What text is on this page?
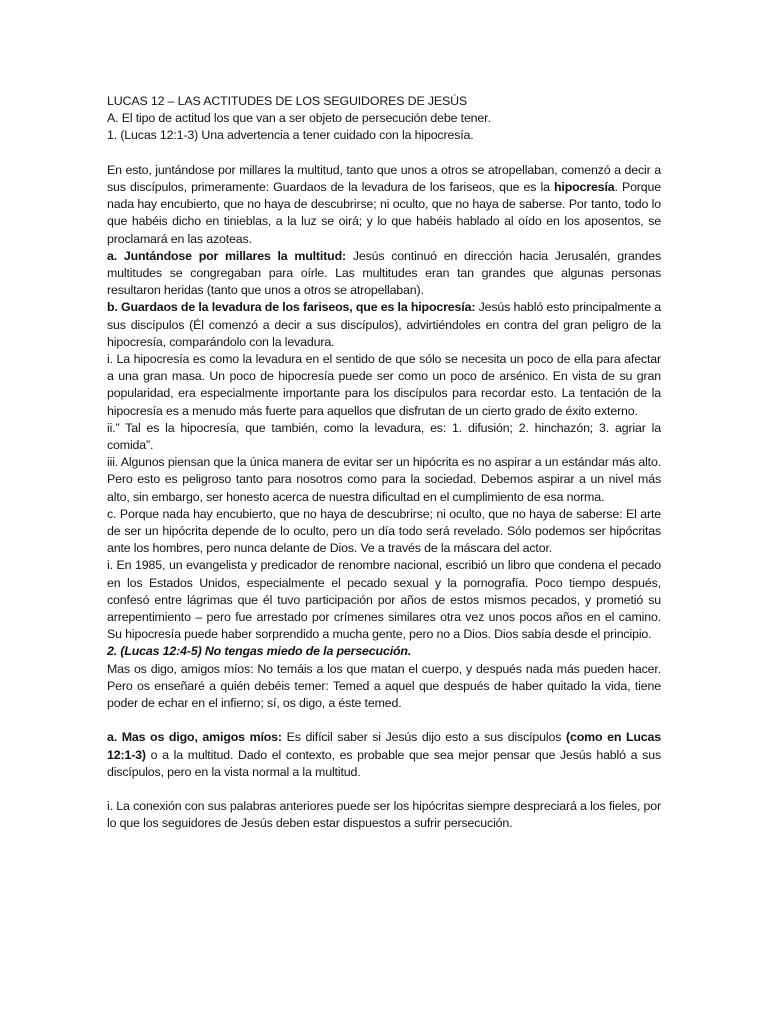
LUCAS 12 – LAS ACTITUDES DE LOS SEGUIDORES DE JESÚS

A. El tipo de actitud los que van a ser objeto de persecución debe tener.

1. (Lucas 12:1-3) Una advertencia a tener cuidado con la hipocresía.

En esto, juntándose por millares la multitud, tanto que unos a otros se atropellaban, comenzó a decir a sus discípulos, primeramente: Guardaos de la levadura de los fariseos, que es la hipocresía. Porque nada hay encubierto, que no haya de descubrirse; ni oculto, que no haya de saberse. Por tanto, todo lo que habéis dicho en tinieblas, a la luz se oirá; y lo que habéis hablado al oído en los aposentos, se proclamará en las azoteas.

a. Juntándose por millares la multitud: Jesús continuó en dirección hacia Jerusalén, grandes multitudes se congregaban para oírle. Las multitudes eran tan grandes que algunas personas resultaron heridas (tanto que unos a otros se atropellaban).

b. Guardaos de la levadura de los fariseos, que es la hipocresía: Jesús habló esto principalmente a sus discípulos (Él comenzó a decir a sus discípulos), advirtiéndoles en contra del gran peligro de la hipocresía, comparándolo con la levadura.

i. La hipocresía es como la levadura en el sentido de que sólo se necesita un poco de ella para afectar a una gran masa. Un poco de hipocresía puede ser como un poco de arsénico. En vista de su gran popularidad, era especialmente importante para los discípulos para recordar esto. La tentación de la hipocresía es a menudo más fuerte para aquellos que disfrutan de un cierto grado de éxito externo.

ii.” Tal es la hipocresía, que también, como la levadura, es: 1. difusión; 2. hinchazón; 3. agriar la comida”.

iii. Algunos piensan que la única manera de evitar ser un hipócrita es no aspirar a un estándar más alto. Pero esto es peligroso tanto para nosotros como para la sociedad. Debemos aspirar a un nivel más alto, sin embargo, ser honesto acerca de nuestra dificultad en el cumplimiento de esa norma.

c. Porque nada hay encubierto, que no haya de descubrirse; ni oculto, que no haya de saberse: El arte de ser un hipócrita depende de lo oculto, pero un día todo será revelado. Sólo podemos ser hipócritas ante los hombres, pero nunca delante de Dios. Ve a través de la máscara del actor.

i. En 1985, un evangelista y predicador de renombre nacional, escribió un libro que condena el pecado en los Estados Unidos, especialmente el pecado sexual y la pornografía. Poco tiempo después, confesó entre lágrimas que él tuvo participación por años de estos mismos pecados, y prometió su arrepentimiento – pero fue arrestado por crímenes similares otra vez unos pocos años en el camino. Su hipocresía puede haber sorprendido a mucha gente, pero no a Dios. Dios sabía desde el principio.

2. (Lucas 12:4-5) No tengas miedo de la persecución.

Mas os digo, amigos míos: No temáis a los que matan el cuerpo, y después nada más pueden hacer. Pero os enseñaré a quién debéis temer: Temed a aquel que después de haber quitado la vida, tiene poder de echar en el infierno; sí, os digo, a éste temed.

a. Mas os digo, amigos míos: Es difícil saber si Jesús dijo esto a sus discípulos (como en Lucas 12:1-3) o a la multitud. Dado el contexto, es probable que sea mejor pensar que Jesús habló a sus discípulos, pero en la vista normal a la multitud.

i. La conexión con sus palabras anteriores puede ser los hipócritas siempre despreciará a los fieles, por lo que los seguidores de Jesús deben estar dispuestos a sufrir persecución.
